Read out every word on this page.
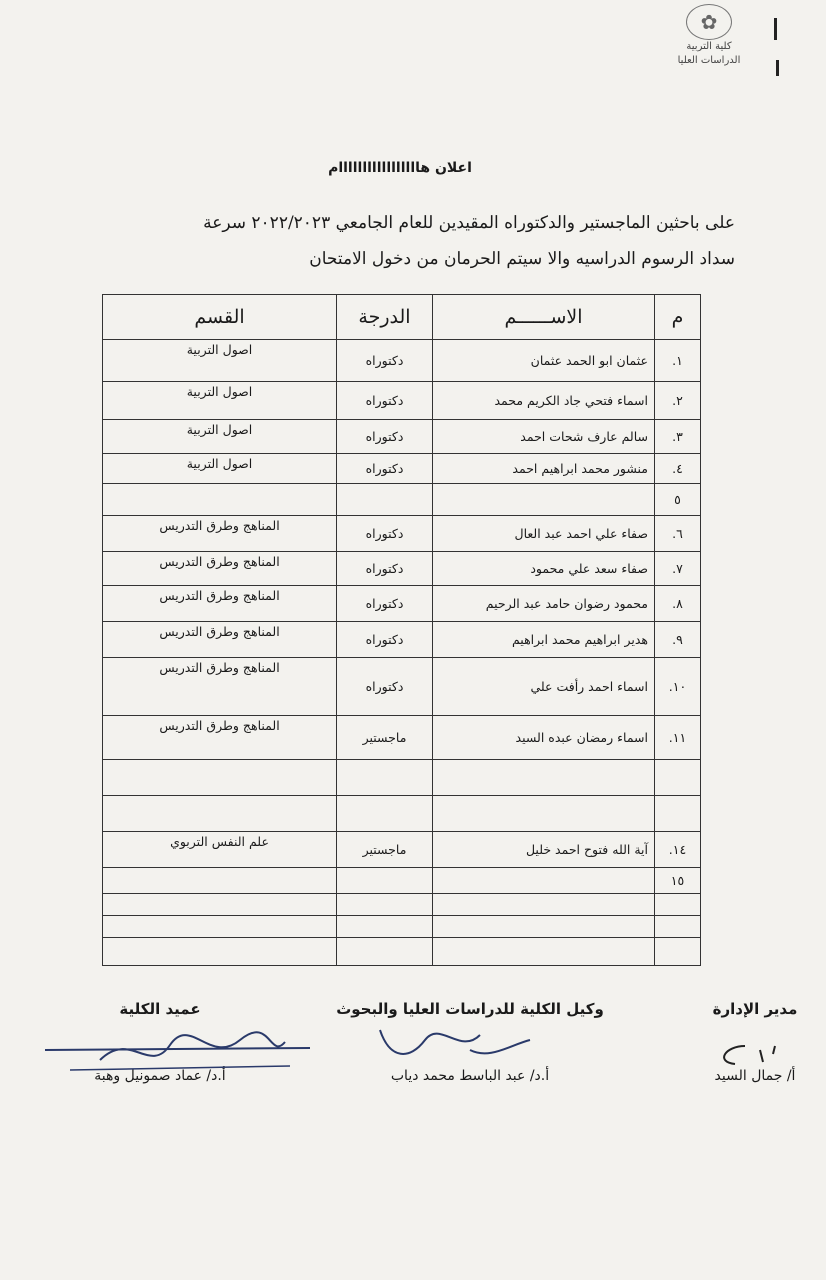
✿
كلية التربية
الدراسات العليا
اعلان هااااااااااااااااام

على باحثين الماجستير والدكتوراه المقيدين للعام الجامعي ٢٠٢٢/٢٠٢٣ سرعة

سداد الرسوم الدراسيه والا سيتم الحرمان من دخول الامتحان

م	الاســــــم	الدرجة	القسم
١.	عثمان ابو الحمد عثمان	دكتوراه	اصول التربية
٢.	اسماء فتحي جاد الكريم محمد	دكتوراه	اصول التربية
٣.	سالم عارف شحات احمد	دكتوراه	اصول التربية
٤.	منشور محمد ابراهيم احمد	دكتوراه	اصول التربية
٥			
٦.	صفاء علي احمد عبد العال	دكتوراه	المناهج وطرق التدريس
٧.	صفاء سعد علي محمود	دكتوراه	المناهج وطرق التدريس
٨.	محمود رضوان حامد عبد الرحيم	دكتوراه	المناهج وطرق التدريس
٩.	هدير ابراهيم محمد ابراهيم	دكتوراه	المناهج وطرق التدريس
١٠.	اسماء احمد رأفت علي	دكتوراه	المناهج وطرق التدريس
١١.	اسماء رمضان عبده السيد	ماجستير	المناهج وطرق التدريس

١٤.	آية الله فتوح احمد خليل	ماجستير	علم النفس التربوي
١٥			

مدير الإدارة
أ/ جمال السيد
وكيل الكلية للدراسات العليا والبحوث
أ.د/ عبد الباسط محمد دياب
عميد الكلية
أ.د/ عماد صمونيل وهبة
